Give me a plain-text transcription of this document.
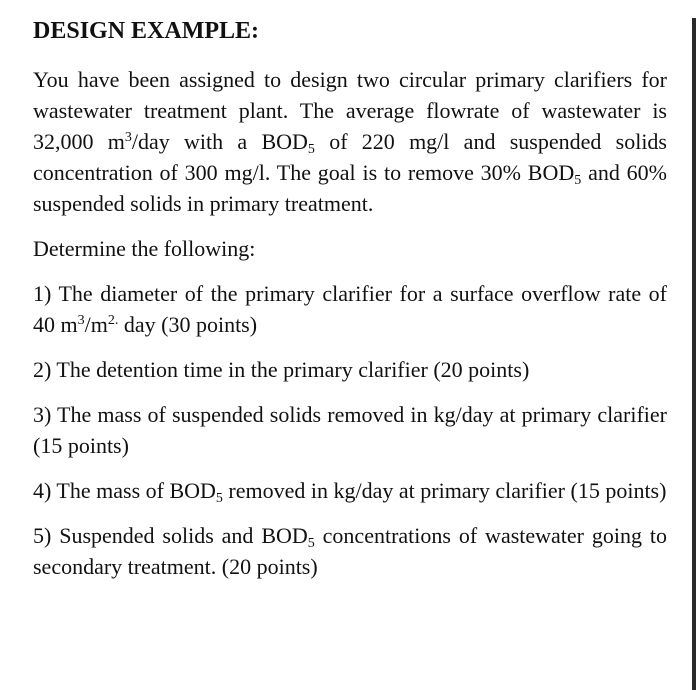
DESIGN EXAMPLE:

You have been assigned to design two circular primary clarifiers for wastewater treatment plant. The average flowrate of wastewater is 32,000 $m^3$/day with a $BOD_5$ of 220 mg/l and suspended solids concentration of 300 mg/l. The goal is to remove 30% $BOD_5$ and 60% suspended solids in primary treatment.

Determine the following:

1) The diameter of the primary clarifier for a surface overflow rate of 40 $m^3/m^{2.}$ day (30 points)

2) The detention time in the primary clarifier (20 points)

3) The mass of suspended solids removed in kg/day at primary clarifier (15 points)

4) The mass of $BOD_5$ removed in kg/day at primary clarifier (15 points)

5) Suspended solids and $BOD_5$ concentrations of wastewater going to secondary treatment. (20 points)
